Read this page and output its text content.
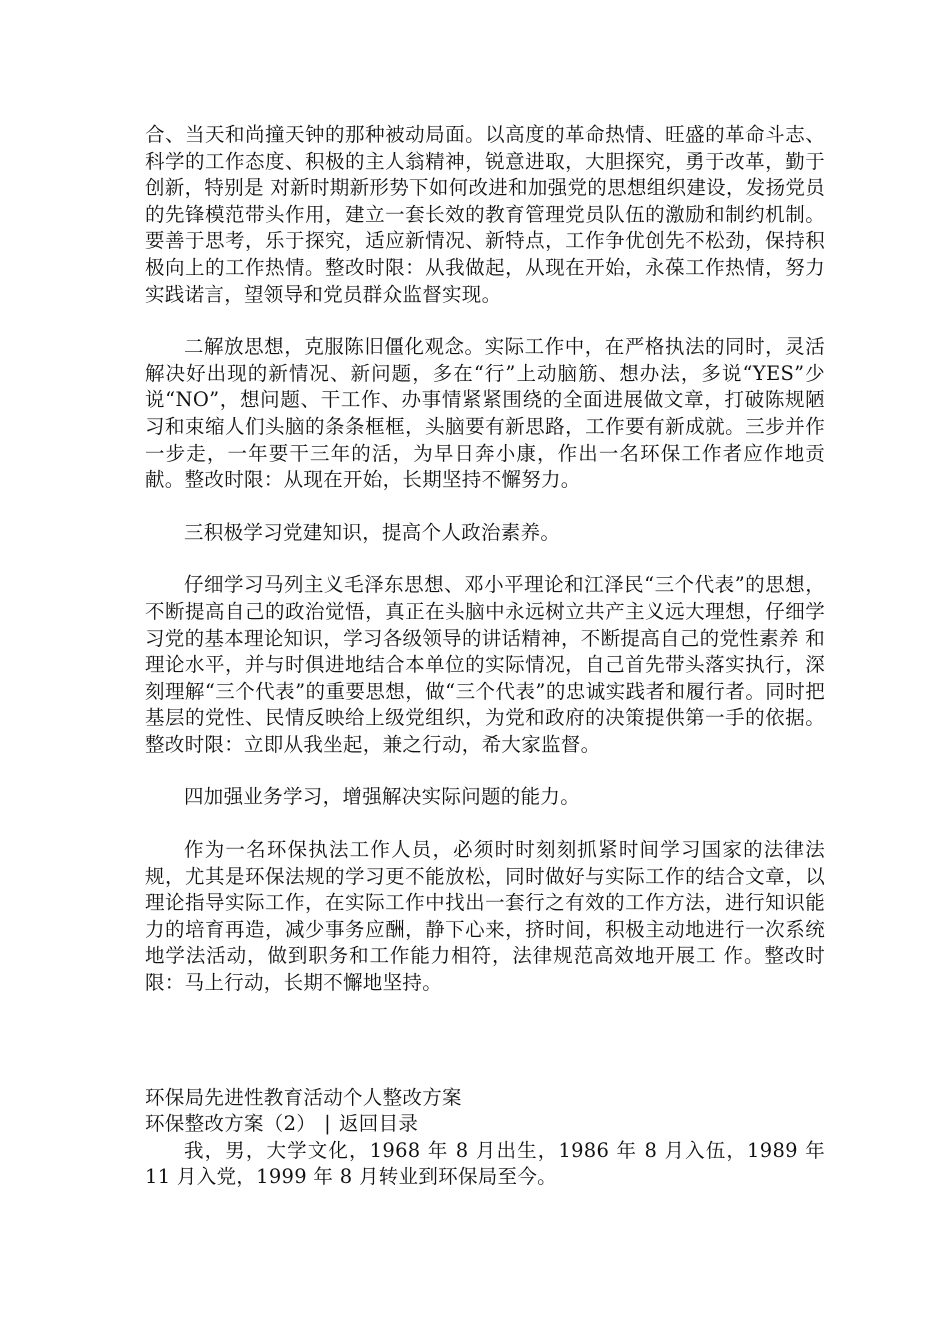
合、当天和尚撞天钟的那种被动局面。以高度的革命热情、旺盛的革命斗志、科学的工作态度、积极的主人翁精神，锐意进取，大胆探究，勇于改革，勤于创新，特别是 对新时期新形势下如何改进和加强党的思想组织建设，发扬党员的先锋模范带头作用，建立一套长效的教育管理党员队伍的激励和制约机制。要善于思考，乐于探究，适应新情况、新特点，工作争优创先不松劲，保持积极向上的工作热情。整改时限：从我做起，从现在开始，永葆工作热情，努力实践诺言，望领导和党员群众监督实现。

二解放思想，克服陈旧僵化观念。实际工作中，在严格执法的同时，灵活解决好出现的新情况、新问题，多在“行”上动脑筋、想办法，多说“YES”少说“NO”，想问题、干工作、办事情紧紧围绕的全面进展做文章，打破陈规陋习和束缩人们头脑的条条框框，头脑要有新思路，工作要有新成就。三步并作一步走，一年要干三年的活，为早日奔小康，作出一名环保工作者应作地贡献。整改时限：从现在开始，长期坚持不懈努力。

三积极学习党建知识，提高个人政治素养。

仔细学习马列主义毛泽东思想、邓小平理论和江泽民“三个代表”的思想，不断提高自己的政治觉悟，真正在头脑中永远树立共产主义远大理想，仔细学习党的基本理论知识，学习各级领导的讲话精神，不断提高自己的党性素养 和理论水平，并与时俱进地结合本单位的实际情况，自己首先带头落实执行，深刻理解“三个代表”的重要思想，做“三个代表”的忠诚实践者和履行者。同时把基层的党性、民情反映给上级党组织，为党和政府的决策提供第一手的依据。整改时限：立即从我坐起，兼之行动，希大家监督。

四加强业务学习，增强解决实际问题的能力。

作为一名环保执法工作人员，必须时时刻刻抓紧时间学习国家的法律法规，尤其是环保法规的学习更不能放松，同时做好与实际工作的结合文章，以理论指导实际工作，在实际工作中找出一套行之有效的工作方法，进行知识能力的培育再造，减少事务应酬，静下心来，挤时间，积极主动地进行一次系统地学法活动，做到职务和工作能力相符，法律规范高效地开展工 作。整改时限：马上行动，长期不懈地坚持。

环保局先进性教育活动个人整改方案

环保整改方案（2） | 返回目录

我，男，大学文化，1968 年 8 月出生，1986 年 8 月入伍，1989 年 11 月入党，1999 年 8 月转业到环保局至今。
